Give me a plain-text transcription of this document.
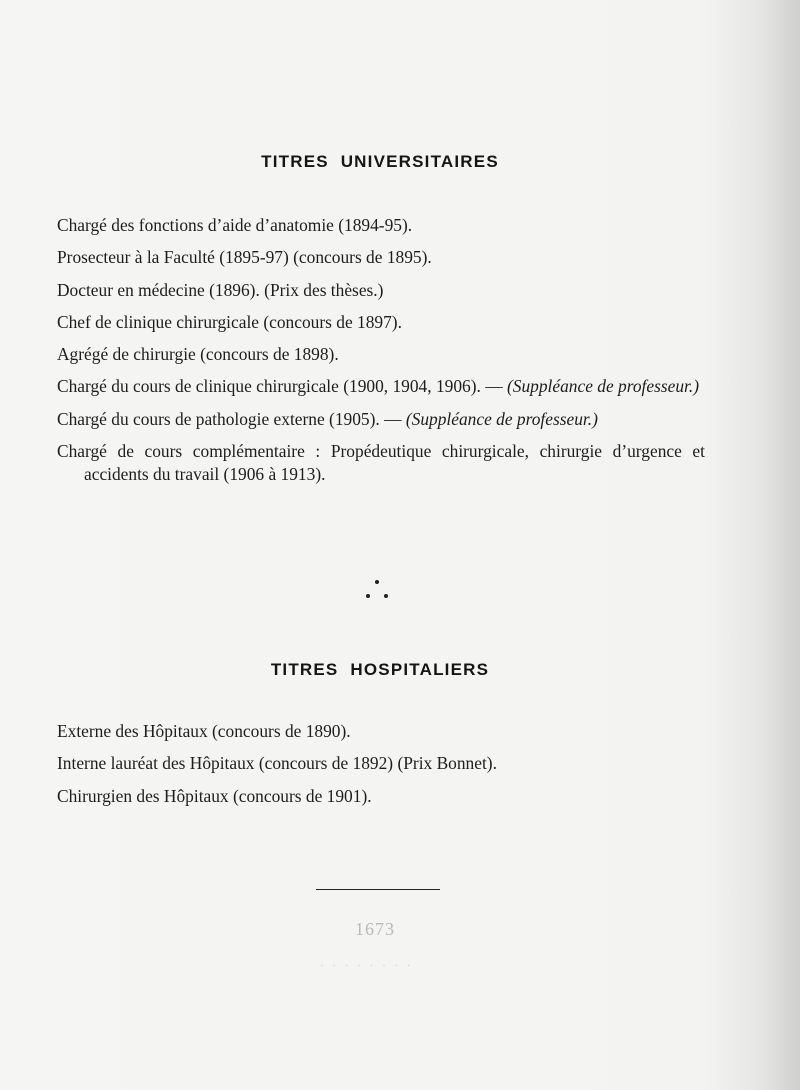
TITRES UNIVERSITAIRES
Chargé des fonctions d’aide d’anatomie (1894-95).
Prosecteur à la Faculté (1895-97) (concours de 1895).
Docteur en médecine (1896). (Prix des thèses.)
Chef de clinique chirurgicale (concours de 1897).
Agrégé de chirurgie (concours de 1898).
Chargé du cours de clinique chirurgicale (1900, 1904, 1906). — (Suppléance de professeur.)
Chargé du cours de pathologie externe (1905). — (Suppléance de professeur.)
Chargé de cours complémentaire : Propédeutique chirurgicale, chirurgie d’urgence et accidents du travail (1906 à 1913).
TITRES HOSPITALIERS
Externe des Hôpitaux (concours de 1890).
Interne lauréat des Hôpitaux (concours de 1892) (Prix Bonnet).
Chirurgien des Hôpitaux (concours de 1901).
1673
· · · · · · · ·
